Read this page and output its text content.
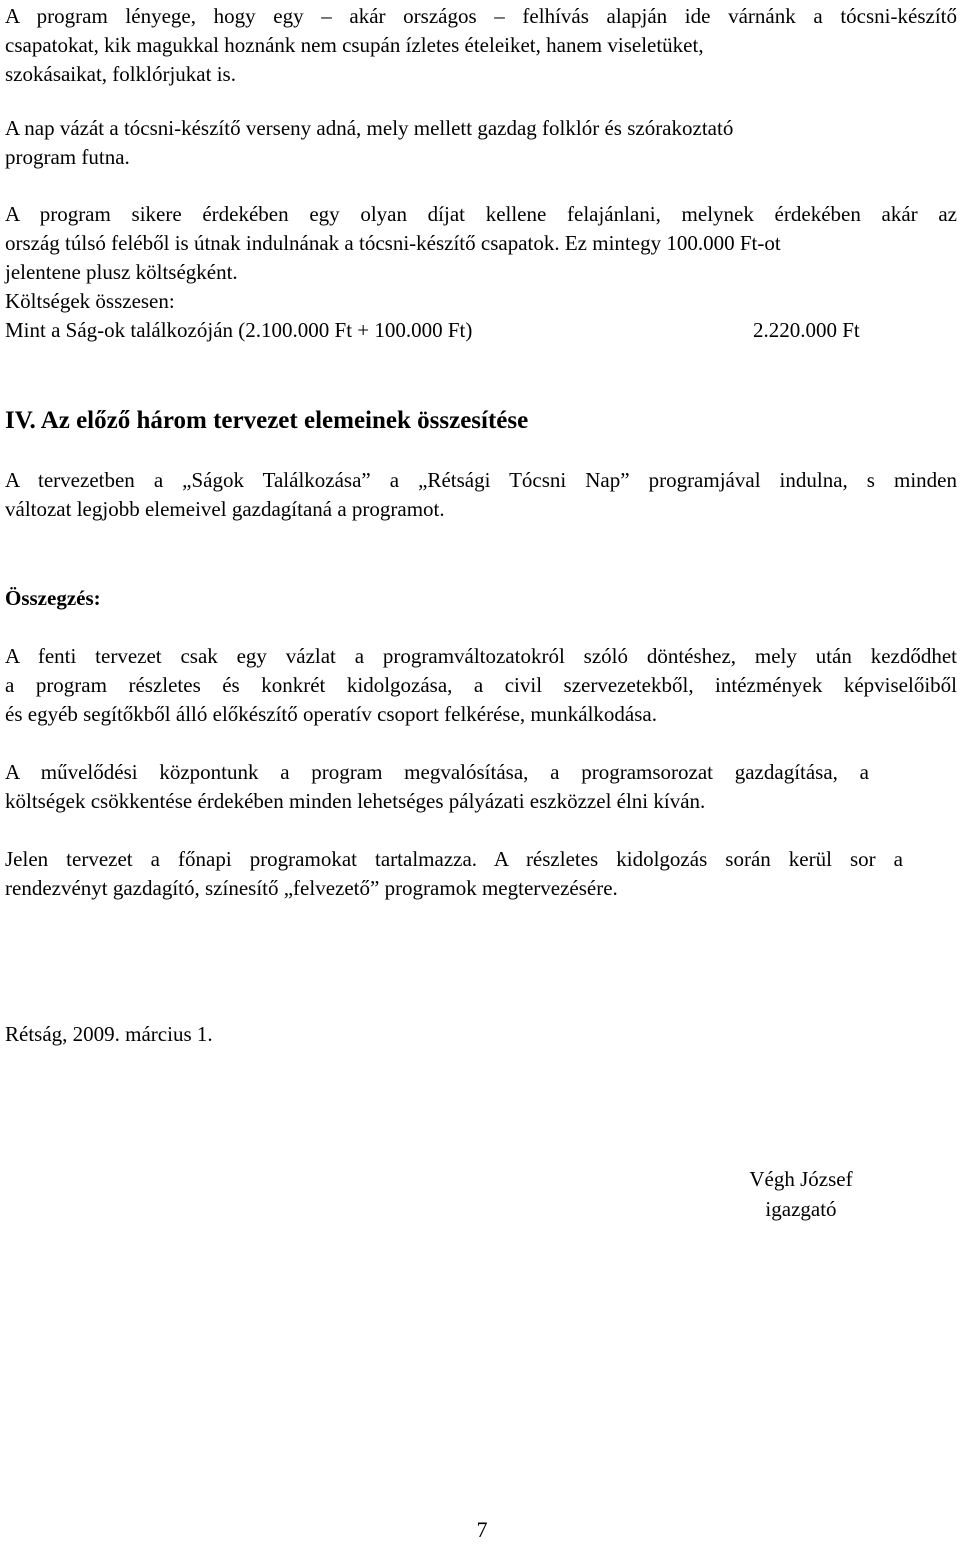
A program lényege, hogy egy – akár országos – felhívás alapján ide várnánk a tócsni-készítő
csapatokat, kik magukkal hoznánk nem csupán ízletes ételeiket, hanem viseletüket,
szokásaikat, folklórjukat is.
A nap vázát a tócsni-készítő verseny adná, mely mellett gazdag folklór és szórakoztató
program futna.
A program sikere érdekében egy olyan díjat kellene felajánlani, melynek érdekében akár az
ország túlsó feléből is útnak indulnának a tócsni-készítő csapatok. Ez mintegy 100.000 Ft-ot
jelentene plusz költségként.
Költségek összesen:
Mint a Ság-ok találkozóján (2.100.000 Ft + 100.000 Ft)	2.220.000 Ft
IV. Az előző három tervezet elemeinek összesítése
A tervezetben a „Ságok Találkozása” a „Rétsági Tócsni Nap” programjával indulna, s minden
változat legjobb elemeivel gazdagítaná a programot.
Összegzés:
A fenti tervezet csak egy vázlat a programváltozatokról szóló döntéshez, mely után kezdődhet
a program részletes és konkrét kidolgozása, a civil szervezetekből, intézmények képviselőiből
és egyéb segítőkből álló előkészítő operatív csoport felkérése, munkálkodása.
A művelődési központunk a program megvalósítása, a programsorozat gazdagítása, a
költségek csökkentése érdekében minden lehetséges pályázati eszközzel élni kíván.
Jelen tervezet a főnapi programokat tartalmazza. A részletes kidolgozás során kerül sor a
rendezvényt gazdagító, színesítő „felvezető” programok megtervezésére.
Rétság, 2009. március 1.
Végh József
igazgató
7
